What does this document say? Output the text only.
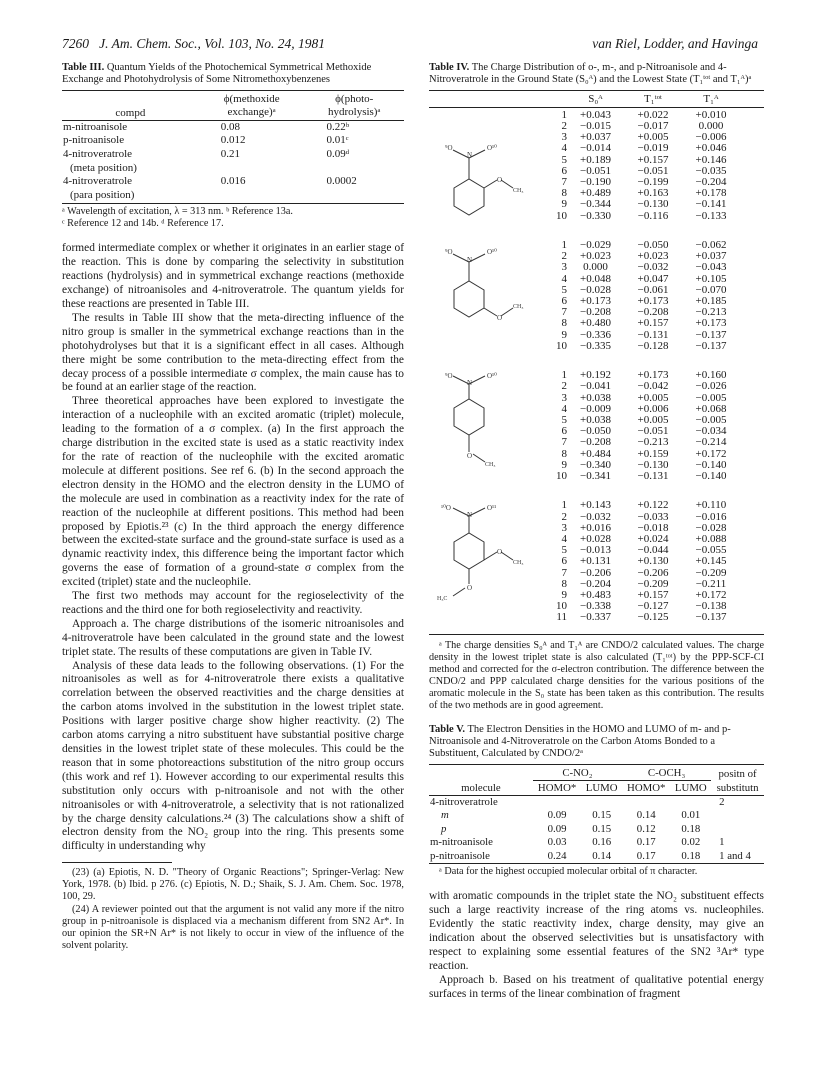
7260 J. Am. Chem. Soc., Vol. 103, No. 24, 1981	van Riel, Lodder, and Havinga

Table III. Quantum Yields of the Photochemical Symmetrical Methoxide Exchange and Photohydrolysis of Some Nitromethoxybenzenes

compd	ϕ(methoxide	ϕ(photo-
	exchange)ᵃ	hydrolysis)ᵃ
m-nitroanisole	0.08	0.22ᵇ
p-nitroanisole	0.012	0.01ᶜ
4-nitroveratrole	0.21	0.09ᵈ
(meta position)		
4-nitroveratrole	0.016	0.0002
(para position)		

ᵃ Wavelength of excitation, λ = 313 nm. ᵇ Reference 13a.

ᶜ Reference 12 and 14b. ᵈ Reference 17.

formed intermediate complex or whether it originates in an earlier stage of the reaction. This is done by comparing the selectivity in substitution reactions (hydrolysis) and in symmetrical exchange reactions (methoxide exchange) of nitroanisoles and 4-nitroveratrole. The quantum yields for these reactions are presented in Table III.

The results in Table III show that the meta-directing influence of the nitro group is smaller in the symmetrical exchange reactions than in the photohydrolyses but that it is a significant effect in all cases. Although there might be some contribution to the meta-directing effect from the decay process of a possible intermediate σ complex, the main cause has to be found at an earlier stage of the reaction.

Three theoretical approaches have been explored to investigate the interaction of a nucleophile with an excited aromatic (triplet) molecule, leading to the formation of a σ complex. (a) In the first approach the charge distribution in the excited state is used as a static reactivity index for the rate of reaction of the nucleophile with the excited aromatic molecule at different positions. See ref 6. (b) In the second approach the electron density in the HOMO and the electron density in the LUMO of the molecule are used in combination as a reactivity index for the rate of reaction of the nucleophile at different positions. This method had been proposed by Epiotis.²³ (c) In the third approach the energy difference between the excited-state surface and the ground-state surface is used as a dynamic reactivity index, this difference being the important factor which governs the ease of formation of a ground-state σ complex from the excited (triplet) state and the nucleophile.

The first two methods may account for the regioselectivity of the reactions and the third one for both regioselectivity and reactivity.

Approach a. The charge distributions of the isomeric nitroanisoles and 4-nitroveratrole have been calculated in the ground state and the lowest triplet state. The results of these computations are given in Table IV.

Analysis of these data leads to the following observations. (1) For the nitroanisoles as well as for 4-nitroveratrole there exists a qualitative correlation between the observed reactivities and the charge densities at the carbon atoms involved in the substitution in the lowest triplet state. Positions with larger positive charge show higher reactivity. (2) The carbon atoms carrying a nitro substituent have substantial positive charge densities in the lowest triplet state of these molecules. This could be the reason that in some photoreactions substitution of the nitro group occurs (this work and ref 1). However according to our experimental results this substitution only occurs with p-nitroanisole and not with the other nitroanisoles or with 4-nitroveratrole, a selectivity that is not rationalized by the charge density calculations.²⁴ (3) The calculations show a shift of electron density from the NO₂ group into the ring. This presents some difficulty in understanding why

(23) (a) Epiotis, N. D. "Theory of Organic Reactions"; Springer-Verlag: New York, 1978. (b) Ibid. p 276. (c) Epiotis, N. D.; Shaik, S. J. Am. Chem. Soc. 1978, 100, 29.

(24) A reviewer pointed out that the argument is not valid any more if the nitro group in p-nitroanisole is displaced via a mechanism different from SN2 Ar*. In our opinion the SR+N Ar* is not likely to occur in view of the influence of the solvent polarity.

Table IV. The Charge Distribution of o-, m-, and p-Nitroanisole and 4-Nitroveratrole in the Ground State (S₀ᴬ) and the Lowest State (T₁ᵗᵒᵗ and T₁ᴬ)ᵃ

S₀ᴬ	T₁ᵗᵒᵗ	T₁ᴬ
⁹O	O¹⁰
N
O
CH₃
1	+0.043	+0.022	+0.010
2	−0.015	−0.017	0.000
3	+0.037	+0.005	−0.006
4	−0.014	−0.019	+0.046
5	+0.189	+0.157	+0.146
6	−0.051	−0.051	−0.035
7	−0.190	−0.199	−0.204
8	+0.489	+0.163	+0.178
9	−0.344	−0.130	−0.141
10	−0.330	−0.116	−0.133
⁹O	O¹⁰
N
O
CH₃
1	−0.029	−0.050	−0.062
2	+0.023	+0.023	+0.037
3	0.000	−0.032	−0.043
4	+0.048	+0.047	+0.105
5	−0.028	−0.061	−0.070
6	+0.173	+0.173	+0.185
7	−0.208	−0.208	−0.213
8	+0.480	+0.157	+0.173
9	−0.336	−0.131	−0.137
10	−0.335	−0.128	−0.137
⁹O	O¹⁰
N
O
CH₃
1	+0.192	+0.173	+0.160
2	−0.041	−0.042	−0.026
3	+0.038	+0.005	−0.005
4	−0.009	+0.006	+0.068
5	+0.038	+0.005	−0.005
6	−0.050	−0.051	−0.034
7	−0.208	−0.213	−0.214
8	+0.484	+0.159	+0.172
9	−0.340	−0.130	−0.140
10	−0.341	−0.131	−0.140
¹⁰O	O¹¹
N
O
CH₃
O
H₃C
1	+0.143	+0.122	+0.110
2	−0.032	−0.033	−0.016
3	+0.016	−0.018	−0.028
4	+0.028	+0.024	+0.088
5	−0.013	−0.044	−0.055
6	+0.131	+0.130	+0.145
7	−0.206	−0.206	−0.209
8	−0.204	−0.209	−0.211
9	+0.483	+0.157	+0.172
10	−0.338	−0.127	−0.138
11	−0.337	−0.125	−0.137

ᵃ The charge densities S₀ᴬ and T₁ᴬ are CNDO/2 calculated values. The charge density in the lowest triplet state is also calculated (T₁ᵗᵒᵗ) by the PPP-SCF-CI method and corrected for the σ-electron contribution. The difference between the CNDO/2 and PPP calculated charge densities for the various positions of the aromatic molecule in the S₀ state has been taken as this contribution. The results of the two methods are in good agreement.

Table V. The Electron Densities in the HOMO and LUMO of m- and p-Nitroanisole and 4-Nitroveratrole on the Carbon Atoms Bonded to a Substituent, Calculated by CNDO/2ᵃ

molecule	C-NO₂		C-OCH₃		positn of
	HOMO*	LUMO	HOMO*	LUMO	substitutn
4-nitroveratrole					2
m	0.09	0.15	0.14	0.01	
p	0.09	0.15	0.12	0.18	
m-nitroanisole	0.03	0.16	0.17	0.02	1
p-nitroanisole	0.24	0.14	0.17	0.18	1 and 4

ᵃ Data for the highest occupied molecular orbital of π character.

with aromatic compounds in the triplet state the NO₂ substituent effects such a large reactivity increase of the ring atoms vs. nucleophiles. Evidently the static reactivity index, charge density, may give an indication about the observed selectivities but is unsatisfactory with respect to explaining some essential features of the SN2 ³Ar* type reaction.

Approach b. Based on his treatment of qualitative potential energy surfaces in terms of the linear combination of fragment
